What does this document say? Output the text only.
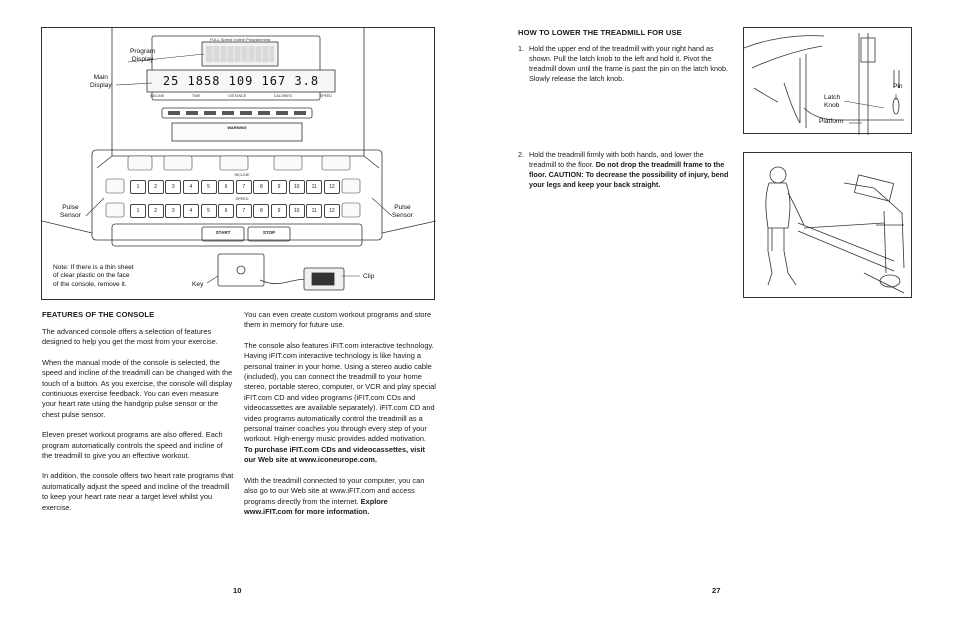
FULL Speed Incline Programming
25 1858 109 167 3.8
INCLINE	TIME	DISTANCE	CALORIES	SPEED
WARNING
INCLINE
1	2	3	4	5	6	7	8	9	10	11	12
SPEED
1	2	3	4	5	6	7	8	9	10	11	12
START	STOP
Program
Display
Main
Display
Pulse
Sensor
Pulse
Sensor
Note: If there is a thin sheet
of clear plastic on the face
of the console, remove it.	Key
Clip
FEATURES OF THE CONSOLE

The advanced console offers a selection of features designed to help you get the most from your exercise.

When the manual mode of the console is selected, the speed and incline of the treadmill can be changed with the touch of a button. As you exercise, the console will display continuous exercise feedback. You can even measure your heart rate using the handgrip pulse sensor or the chest pulse sensor.

Eleven preset workout programs are also offered. Each program automatically controls the speed and incline of the treadmill to give you an effective workout.

In addition, the console offers two heart rate programs that automatically adjust the speed and incline of the treadmill to keep your heart rate near a target level whilst you exercise.

You can even create custom workout programs and store them in memory for future use.

The console also features iFIT.com interactive technology. Having iFIT.com interactive technology is like having a personal trainer in your home. Using a stereo audio cable (included), you can connect the treadmill to your home stereo, portable stereo, computer, or VCR and play special iFIT.com CD and video programs (iFIT.com CDs and videocassettes are available separately). iFIT.com CD and video programs automatically control the treadmill as a personal trainer coaches you through every step of your workout. High-energy music provides added motivation. To purchase iFIT.com CDs and videocassettes, visit our Web site at www.iconeurope.com.

With the treadmill connected to your computer, you can also go to our Web site at www.iFIT.com and access programs directly from the internet. Explore www.iFIT.com for more information.

HOW TO LOWER THE TREADMILL FOR USE
1. Hold the upper end of the treadmill with your right hand as shown. Pull the latch knob to the left and hold it. Pivot the treadmill down until the frame is past the pin on the latch knob. Slowly release the latch knob.
2. Hold the treadmill firmly with both hands, and lower the treadmill to the floor. Do not drop the treadmill frame to the floor. CAUTION: To decrease the possibility of injury, bend your legs and keep your back straight.
Pin
Latch
Knob
Platform
10	27
